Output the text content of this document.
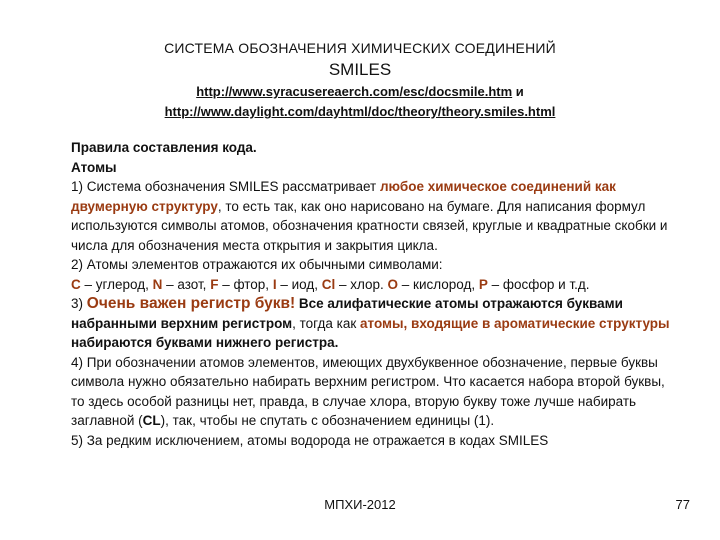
СИСТЕМА ОБОЗНАЧЕНИЯ ХИМИЧЕСКИХ СОЕДИНЕНИЙ
SMILES
http://www.syracusereaerch.com/esc/docsmile.htm и
http://www.daylight.com/dayhtml/doc/theory/theory.smiles.html

Правила составления кода.

Атомы

1) Система обозначения SMILES рассматривает любое химическое соединений как двумерную структуру, то есть так, как оно нарисовано на бумаге. Для написания формул используются символы атомов, обозначения кратности связей, круглые и квадратные скобки и числа для обозначения места открытия и закрытия цикла.

2) Атомы элементов отражаются их обычными символами:
C – углерод, N – азот, F – фтор, I – иод, Cl – хлор. O – кислород, P – фосфор и т.д.

3) Очень важен регистр букв! Все алифатические атомы отражаются буквами набранными верхним регистром, тогда как атомы, входящие в ароматические структуры набираются буквами нижнего регистра.

4) При обозначении атомов элементов, имеющих двухбуквенное обозначение, первые буквы символа нужно обязательно набирать верхним регистром. Что касается набора второй буквы, то здесь особой разницы нет, правда, в случае хлора, вторую букву тоже лучше набирать заглавной (CL), так, чтобы не спутать с обозначением единицы (1).

5) За редким исключением, атомы водорода не отражается в кодах SMILES

МПХИ-2012	77
